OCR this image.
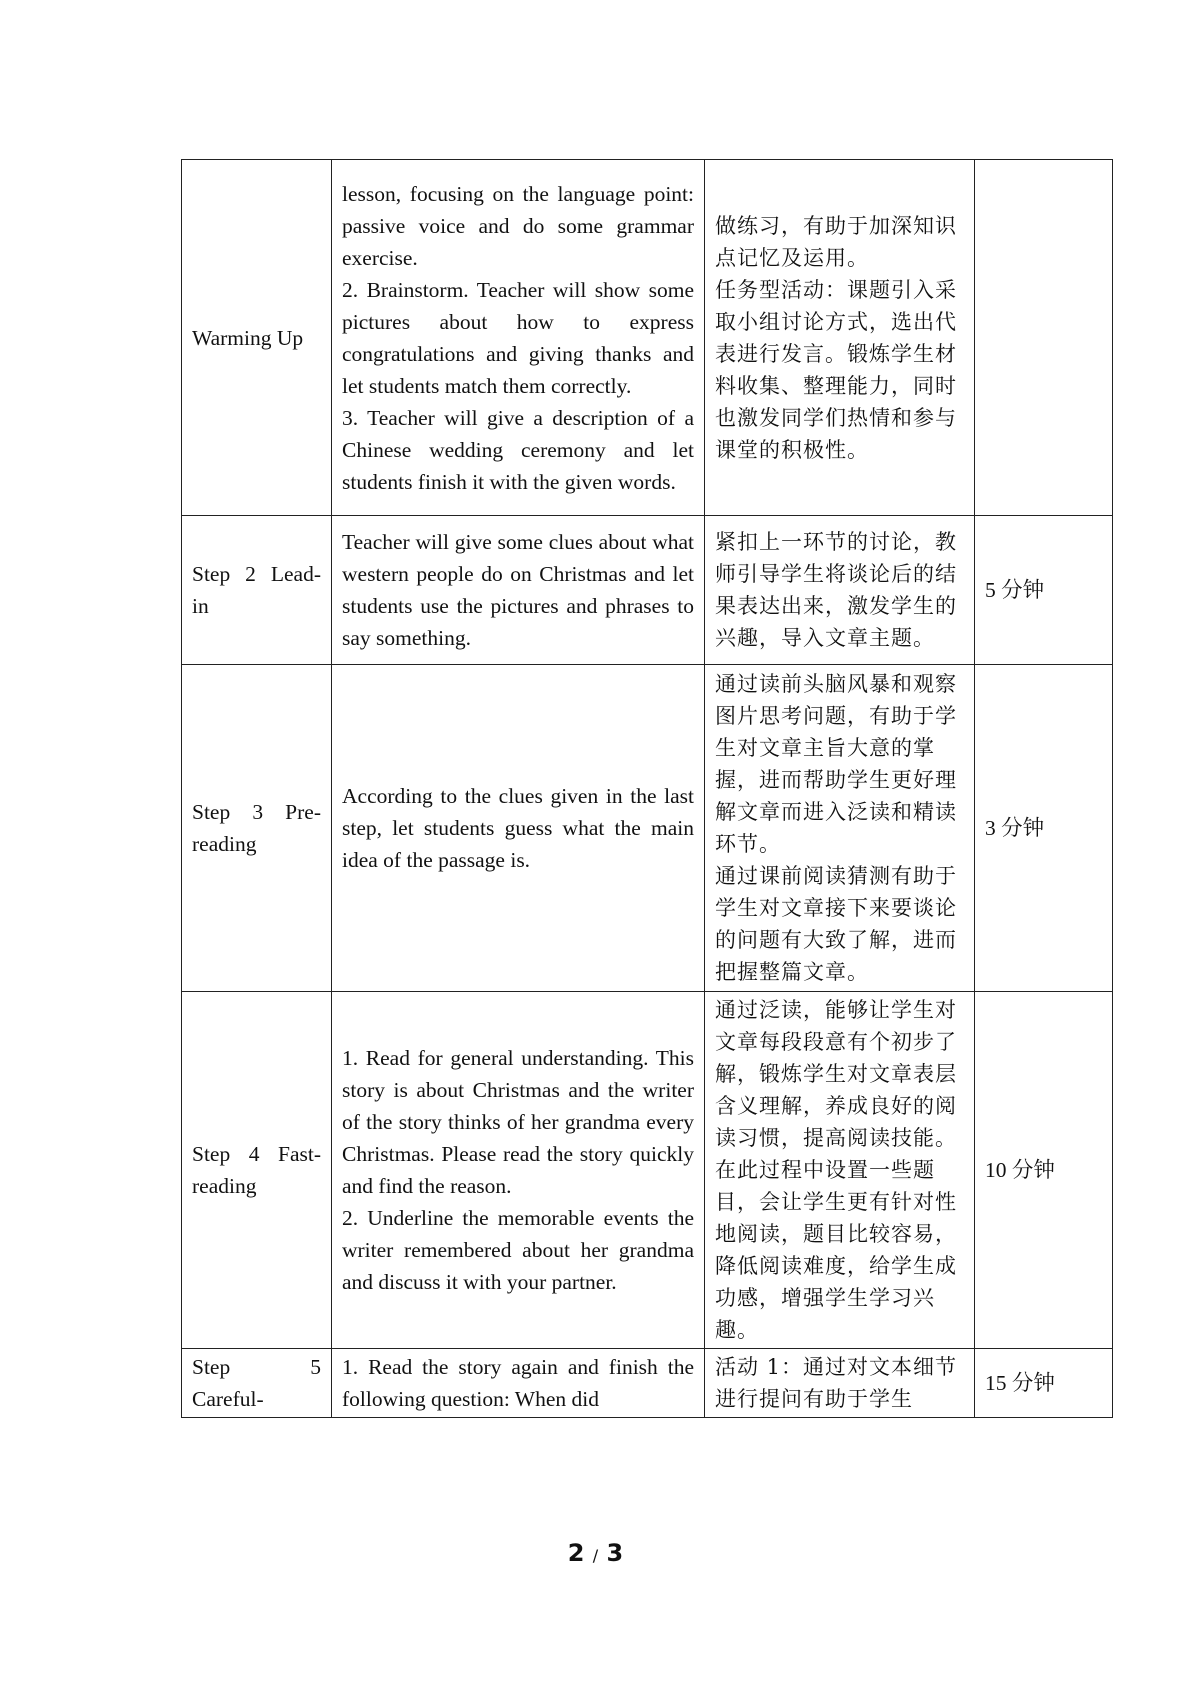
Warming Up	lesson, focusing on the language point: passive voice and do some grammar exercise.
2. Brainstorm. Teacher will show some pictures about how to express congratulations and giving thanks and let students match them correctly.
3. Teacher will give a description of a Chinese wedding ceremony and let students finish it with the given words.	做练习，有助于加深知识点记忆及运用。
任务型活动：课题引入采取小组讨论方式，选出代表进行发言。锻炼学生材料收集、整理能力，同时也激发同学们热情和参与课堂的积极性。	

Step 2 Lead-
in	Teacher will give some clues about what western people do on Christmas and let students use the pictures and phrases to say something.	紧扣上一环节的讨论，教师引导学生将谈论后的结果表达出来，激发学生的兴趣，导入文章主题。	5 分钟

Step 3 Pre-
reading	According to the clues given in the last step, let students guess what the main idea of the passage is.	通过读前头脑风暴和观察图片思考问题，有助于学生对文章主旨大意的掌握，进而帮助学生更好理解文章而进入泛读和精读环节。
通过课前阅读猜测有助于学生对文章接下来要谈论的问题有大致了解，进而把握整篇文章。	3 分钟

Step 4 Fast-
reading	1. Read for general understanding. This story is about Christmas and the writer of the story thinks of her grandma every Christmas. Please read the story quickly and find the reason.
2. Underline the memorable events the writer remembered about her grandma and discuss it with your partner.	通过泛读，能够让学生对文章每段段意有个初步了解，锻炼学生对文章表层含义理解，养成良好的阅读习惯，提高阅读技能。在此过程中设置一些题目，会让学生更有针对性地阅读，题目比较容易，降低阅读难度，给学生成功感，增强学生学习兴趣。	10 分钟

Step 5
Careful-	1. Read the story again and finish the following question: When did	活动 1：通过对文本细节进行提问有助于学生	15 分钟
2 / 3
